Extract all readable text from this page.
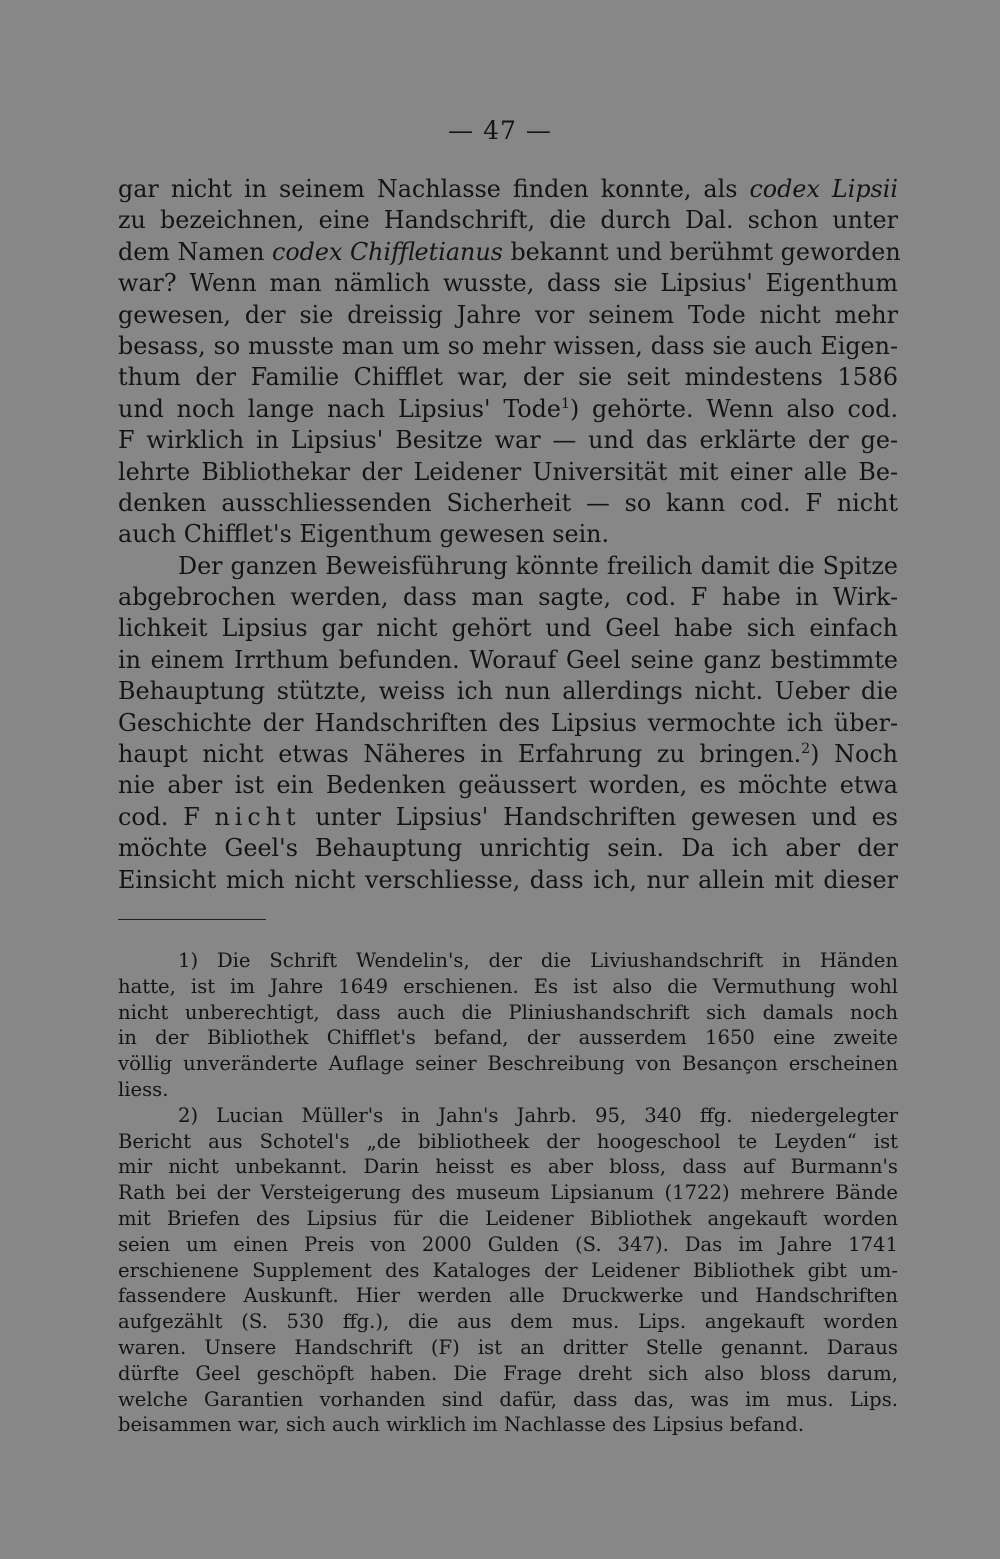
— 47 —
gar nicht in seinem Nachlasse finden konnte, als codex Lipsii
zu bezeichnen, eine Handschrift, die durch Dal. schon unter
dem Namen codex Chiffletianus bekannt und berühmt geworden
war? Wenn man nämlich wusste, dass sie Lipsius' Eigenthum
gewesen, der sie dreissig Jahre vor seinem Tode nicht mehr
besass, so musste man um so mehr wissen, dass sie auch Eigen-
thum der Familie Chifflet war, der sie seit mindestens 1586
und noch lange nach Lipsius' Tode$^1$) gehörte. Wenn also cod.
F wirklich in Lipsius' Besitze war — und das erklärte der ge-
lehrte Bibliothekar der Leidener Universität mit einer alle Be-
denken ausschliessenden Sicherheit — so kann cod. F nicht
auch Chifflet's Eigenthum gewesen sein.
Der ganzen Beweisführung könnte freilich damit die Spitze
abgebrochen werden, dass man sagte, cod. F habe in Wirk-
lichkeit Lipsius gar nicht gehört und Geel habe sich einfach
in einem Irrthum befunden. Worauf Geel seine ganz bestimmte
Behauptung stützte, weiss ich nun allerdings nicht. Ueber die
Geschichte der Handschriften des Lipsius vermochte ich über-
haupt nicht etwas Näheres in Erfahrung zu bringen.$^2$) Noch
nie aber ist ein Bedenken geäussert worden, es möchte etwa
cod. F nicht unter Lipsius' Handschriften gewesen und es
möchte Geel's Behauptung unrichtig sein. Da ich aber der
Einsicht mich nicht verschliesse, dass ich, nur allein mit dieser
1) Die Schrift Wendelin's, der die Liviushandschrift in Händen
hatte, ist im Jahre 1649 erschienen. Es ist also die Vermuthung wohl
nicht unberechtigt, dass auch die Pliniushandschrift sich damals noch
in der Bibliothek Chifflet's befand, der ausserdem 1650 eine zweite
völlig unveränderte Auflage seiner Beschreibung von Besançon erscheinen
liess.
2) Lucian Müller's in Jahn's Jahrb. 95, 340 ffg. niedergelegter
Bericht aus Schotel's „de bibliotheek der hoogeschool te Leyden“ ist
mir nicht unbekannt. Darin heisst es aber bloss, dass auf Burmann's
Rath bei der Versteigerung des museum Lipsianum (1722) mehrere Bände
mit Briefen des Lipsius für die Leidener Bibliothek angekauft worden
seien um einen Preis von 2000 Gulden (S. 347). Das im Jahre 1741
erschienene Supplement des Kataloges der Leidener Bibliothek gibt um-
fassendere Auskunft. Hier werden alle Druckwerke und Handschriften
aufgezählt (S. 530 ffg.), die aus dem mus. Lips. angekauft worden
waren. Unsere Handschrift (F) ist an dritter Stelle genannt. Daraus
dürfte Geel geschöpft haben. Die Frage dreht sich also bloss darum,
welche Garantien vorhanden sind dafür, dass das, was im mus. Lips.
beisammen war, sich auch wirklich im Nachlasse des Lipsius befand.
